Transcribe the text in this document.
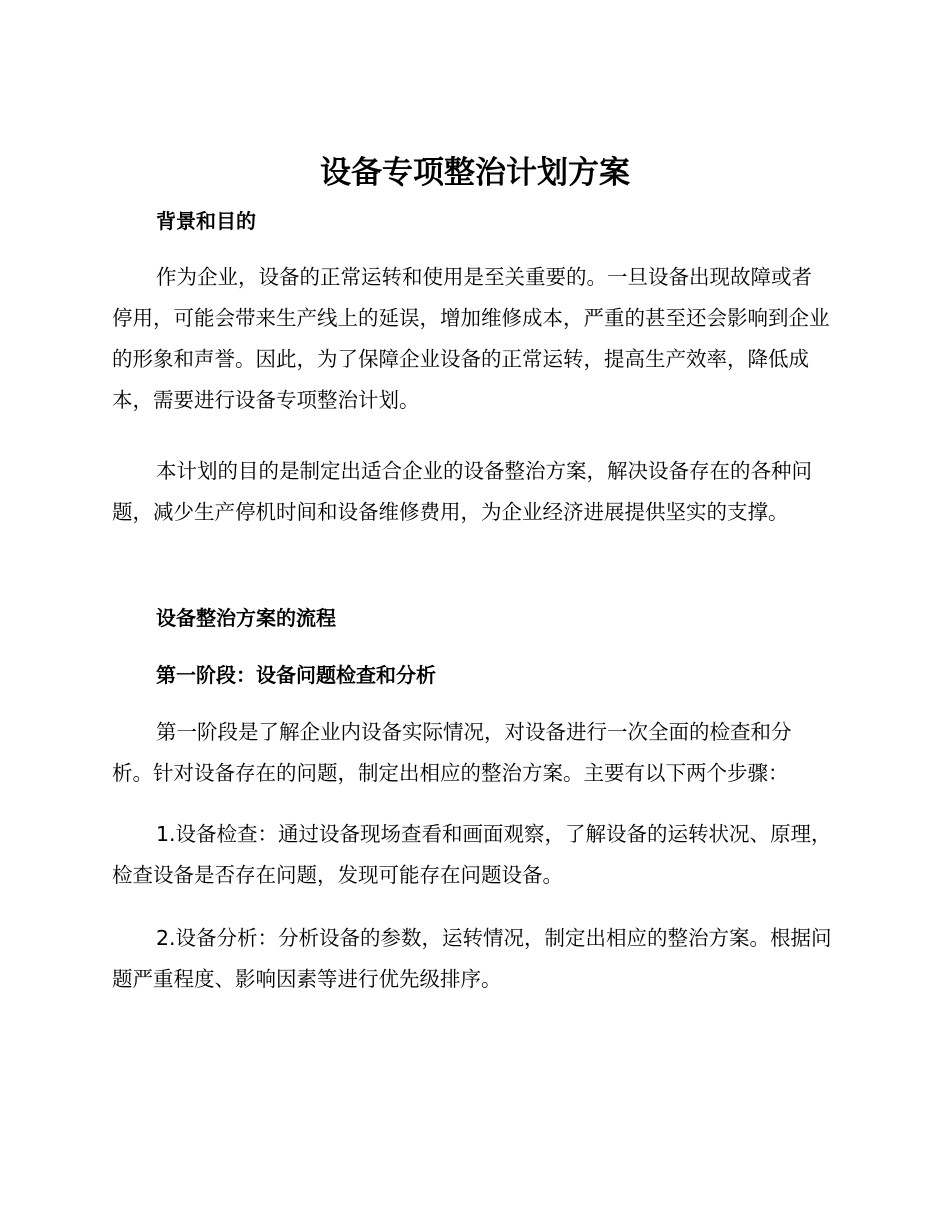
设备专项整治计划方案
背景和目的

作为企业，设备的正常运转和使用是至关重要的。一旦设备出现故障或者停用，可能会带来生产线上的延误，增加维修成本，严重的甚至还会影响到企业的形象和声誉。因此，为了保障企业设备的正常运转，提高生产效率，降低成本，需要进行设备专项整治计划。

本计划的目的是制定出适合企业的设备整治方案，解决设备存在的各种问题，减少生产停机时间和设备维修费用，为企业经济进展提供坚实的支撑。

设备整治方案的流程
第一阶段：设备问题检查和分析

第一阶段是了解企业内设备实际情况，对设备进行一次全面的检查和分析。针对设备存在的问题，制定出相应的整治方案。主要有以下两个步骤：

1.设备检查：通过设备现场查看和画面观察，了解设备的运转状况、原理，检查设备是否存在问题，发现可能存在问题设备。

2.设备分析：分析设备的参数，运转情况，制定出相应的整治方案。根据问题严重程度、影响因素等进行优先级排序。
